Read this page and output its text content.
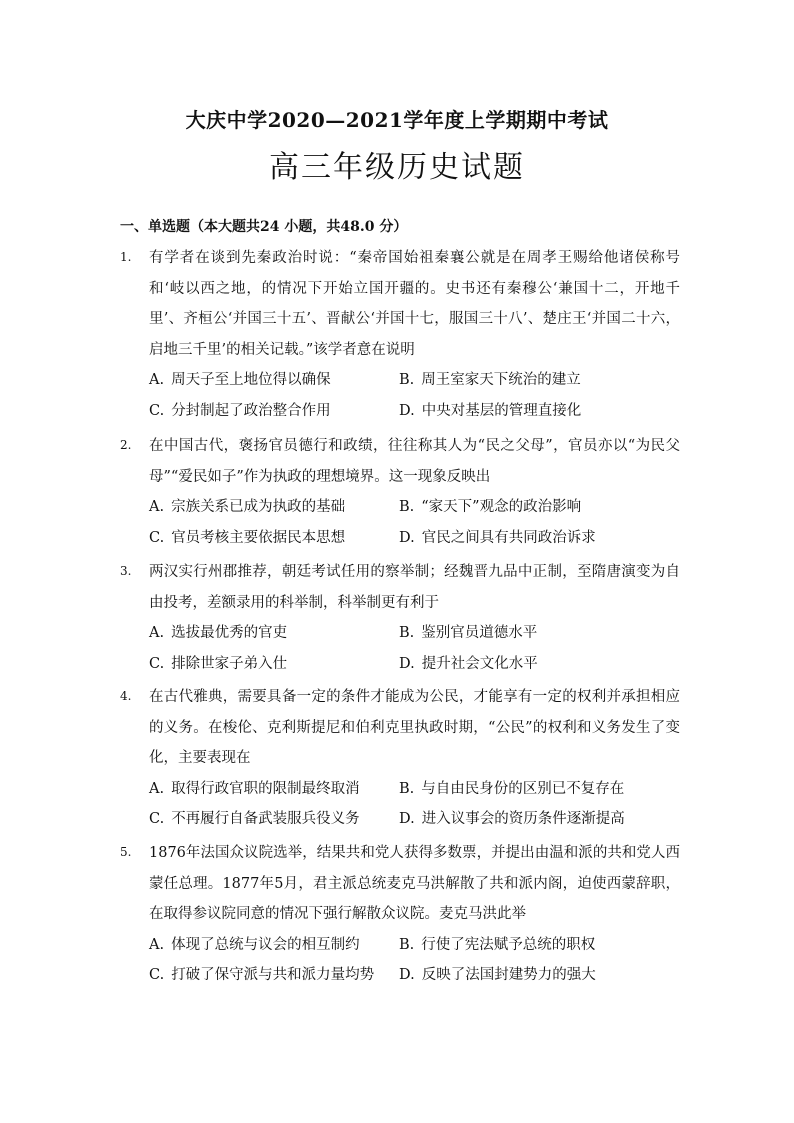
大庆中学2020—2021学年度上学期期中考试
高三年级历史试题
一、单选题（本大题共24 小题，共48.0 分）
1. 有学者在谈到先秦政治时说：“秦帝国始祖秦襄公就是在周孝王赐给他诸侯称号和‘岐以西之地，的情况下开始立国开疆的。史书还有秦穆公‘兼国十二，开地千里’、齐桓公‘并国三十五’、晋献公‘并国十七，服国三十八’、楚庄王‘并国二十六，启地三千里’的相关记载。”该学者意在说明
A. 周天子至上地位得以确保	B. 周王室家天下统治的建立
C. 分封制起了政治整合作用	D. 中央对基层的管理直接化
2. 在中国古代，褒扬官员德行和政绩，往往称其人为“民之父母”，官员亦以“为民父母”“爱民如子”作为执政的理想境界。这一现象反映出
A. 宗族关系已成为执政的基础	B. “家天下”观念的政治影响
C. 官员考核主要依据民本思想	D. 官民之间具有共同政治诉求
3. 两汉实行州郡推荐，朝廷考试任用的察举制；经魏晋九品中正制，至隋唐演变为自由投考，差额录用的科举制，科举制更有利于
A. 选拔最优秀的官吏	B. 鉴别官员道德水平
C. 排除世家子弟入仕	D. 提升社会文化水平
4. 在古代雅典，需要具备一定的条件才能成为公民，才能享有一定的权利并承担相应的义务。在梭伦、克利斯提尼和伯利克里执政时期，“公民”的权利和义务发生了变化，主要表现在
A. 取得行政官职的限制最终取消	B. 与自由民身份的区别已不复存在
C. 不再履行自备武装服兵役义务	D. 进入议事会的资历条件逐渐提高
5. 1876年法国众议院选举，结果共和党人获得多数票，并提出由温和派的共和党人西蒙任总理。1877年5月，君主派总统麦克马洪解散了共和派内阁，迫使西蒙辞职，在取得参议院同意的情况下强行解散众议院。麦克马洪此举
A. 体现了总统与议会的相互制约	B. 行使了宪法赋予总统的职权
C. 打破了保守派与共和派力量均势	D. 反映了法国封建势力的强大
